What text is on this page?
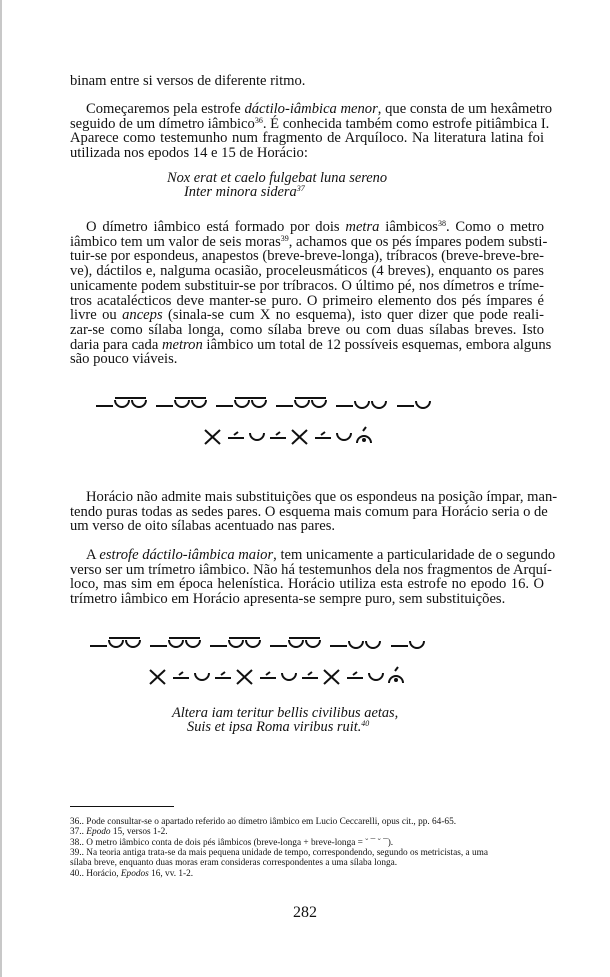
binam entre si versos de diferente ritmo.
Começaremos pela estrofe dáctilo-iâmbica menor, que consta de um hexâmetro
seguido de um dímetro iâmbico$^{36}$. É conhecida também como estrofe pitiâmbica I.
Aparece como testemunho num fragmento de Arquíloco. Na literatura latina foi
utilizada nos epodos 14 e 15 de Horácio:
O dímetro iâmbico está formado por dois metra iâmbicos$^{38}$. Como o metro
iâmbico tem um valor de seis moras$^{39}$, achamos que os pés ímpares podem substi-
tuir-se por espondeus, anapestos (breve-breve-longa), tríbracos (breve-breve-bre-
ve), dáctilos e, nalguma ocasião, proceleusmáticos (4 breves), enquanto os pares
unicamente podem substituir-se por tríbracos. O último pé, nos dímetros e tríme-
tros acatalécticos deve manter-se puro. O primeiro elemento dos pés ímpares é
livre ou anceps (sinala-se cum X no esquema), isto quer dizer que pode reali-
zar-se como sílaba longa, como sílaba breve ou com duas sílabas breves. Isto
daria para cada metron iâmbico um total de 12 possíveis esquemas, embora alguns
são pouco viáveis.
Horácio não admite mais substituições que os espondeus na posição ímpar, man-
tendo puras todas as sedes pares. O esquema mais comum para Horácio seria o de
um verso de oito sílabas acentuado nas pares.
A estrofe dáctilo-iâmbica maior, tem unicamente a particularidade de o segundo
verso ser um trímetro iâmbico. Não há testemunhos dela nos fragmentos de Arquí-
loco, mas sim em época helenística. Horácio utiliza esta estrofe no epodo 16. O
trímetro iâmbico em Horácio apresenta-se sempre puro, sem substituições.
Nox erat et caelo fulgebat luna sereno
Inter minora sidera$^{37}$
Altera iam teritur bellis civilibus aetas,
Suis et ipsa Roma viribus ruit.$^{40}$
36.. Pode consultar-se o apartado referido ao dímetro iâmbico em Lucio Ceccarelli, opus cit., pp. 64-65.
37.. Epodo 15, versos 1-2.
38.. O metro iâmbico conta de dois pés iâmbicos (breve-longa + breve-longa = ˘ ¯ ˘ ¯).
39.. Na teoria antiga trata-se da mais pequena unidade de tempo, correspondendo, segundo os metricistas, a uma
sílaba breve, enquanto duas moras eram consideras correspondentes a uma sílaba longa.
40.. Horácio, Epodos 16, vv. 1-2.
282
